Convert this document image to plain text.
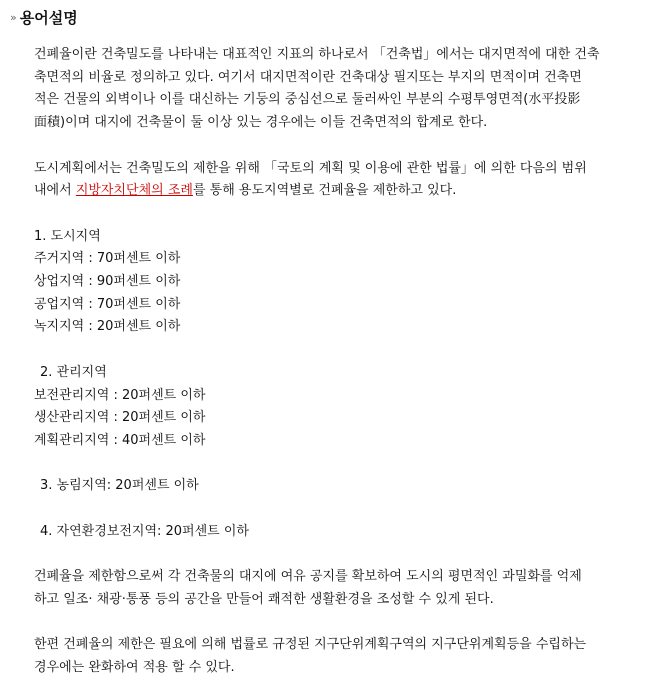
» 용어설명

건폐율이란 건축밀도를 나타내는 대표적인 지표의 하나로서 「건축법」에서는 대지면적에 대한 건축

축면적의 비율로 정의하고 있다. 여기서 대지면적이란 건축대상 필지또는 부지의 면적이며 건축면

적은 건물의 외벽이나 이를 대신하는 기둥의 중심선으로 둘러싸인 부분의 수평투영면적(水平投影

面積)이며 대지에 건축물이 둘 이상 있는 경우에는 이들 건축면적의 합계로 한다.

도시계획에서는 건축밀도의 제한을 위해 「국토의 계획 및 이용에 관한 법률」에 의한 다음의 범위

내에서 지방자치단체의 조례를 통해 용도지역별로 건폐율을 제한하고 있다.

1. 도시지역

주거지역 : 70퍼센트 이하

상업지역 : 90퍼센트 이하

공업지역 : 70퍼센트 이하

녹지지역 : 20퍼센트 이하

2. 관리지역

보전관리지역 : 20퍼센트 이하

생산관리지역 : 20퍼센트 이하

계획관리지역 : 40퍼센트 이하

3. 농림지역: 20퍼센트 이하

4. 자연환경보전지역: 20퍼센트 이하

건폐율을 제한함으로써 각 건축물의 대지에 여유 공지를 확보하여 도시의 평면적인 과밀화를 억제

하고 일조· 채광·통풍 등의 공간을 만들어 쾌적한 생활환경을 조성할 수 있게 된다.

한편 건폐율의 제한은 필요에 의해 법률로 규정된 지구단위계획구역의 지구단위계획등을 수립하는

경우에는 완화하여 적용 할 수 있다.
